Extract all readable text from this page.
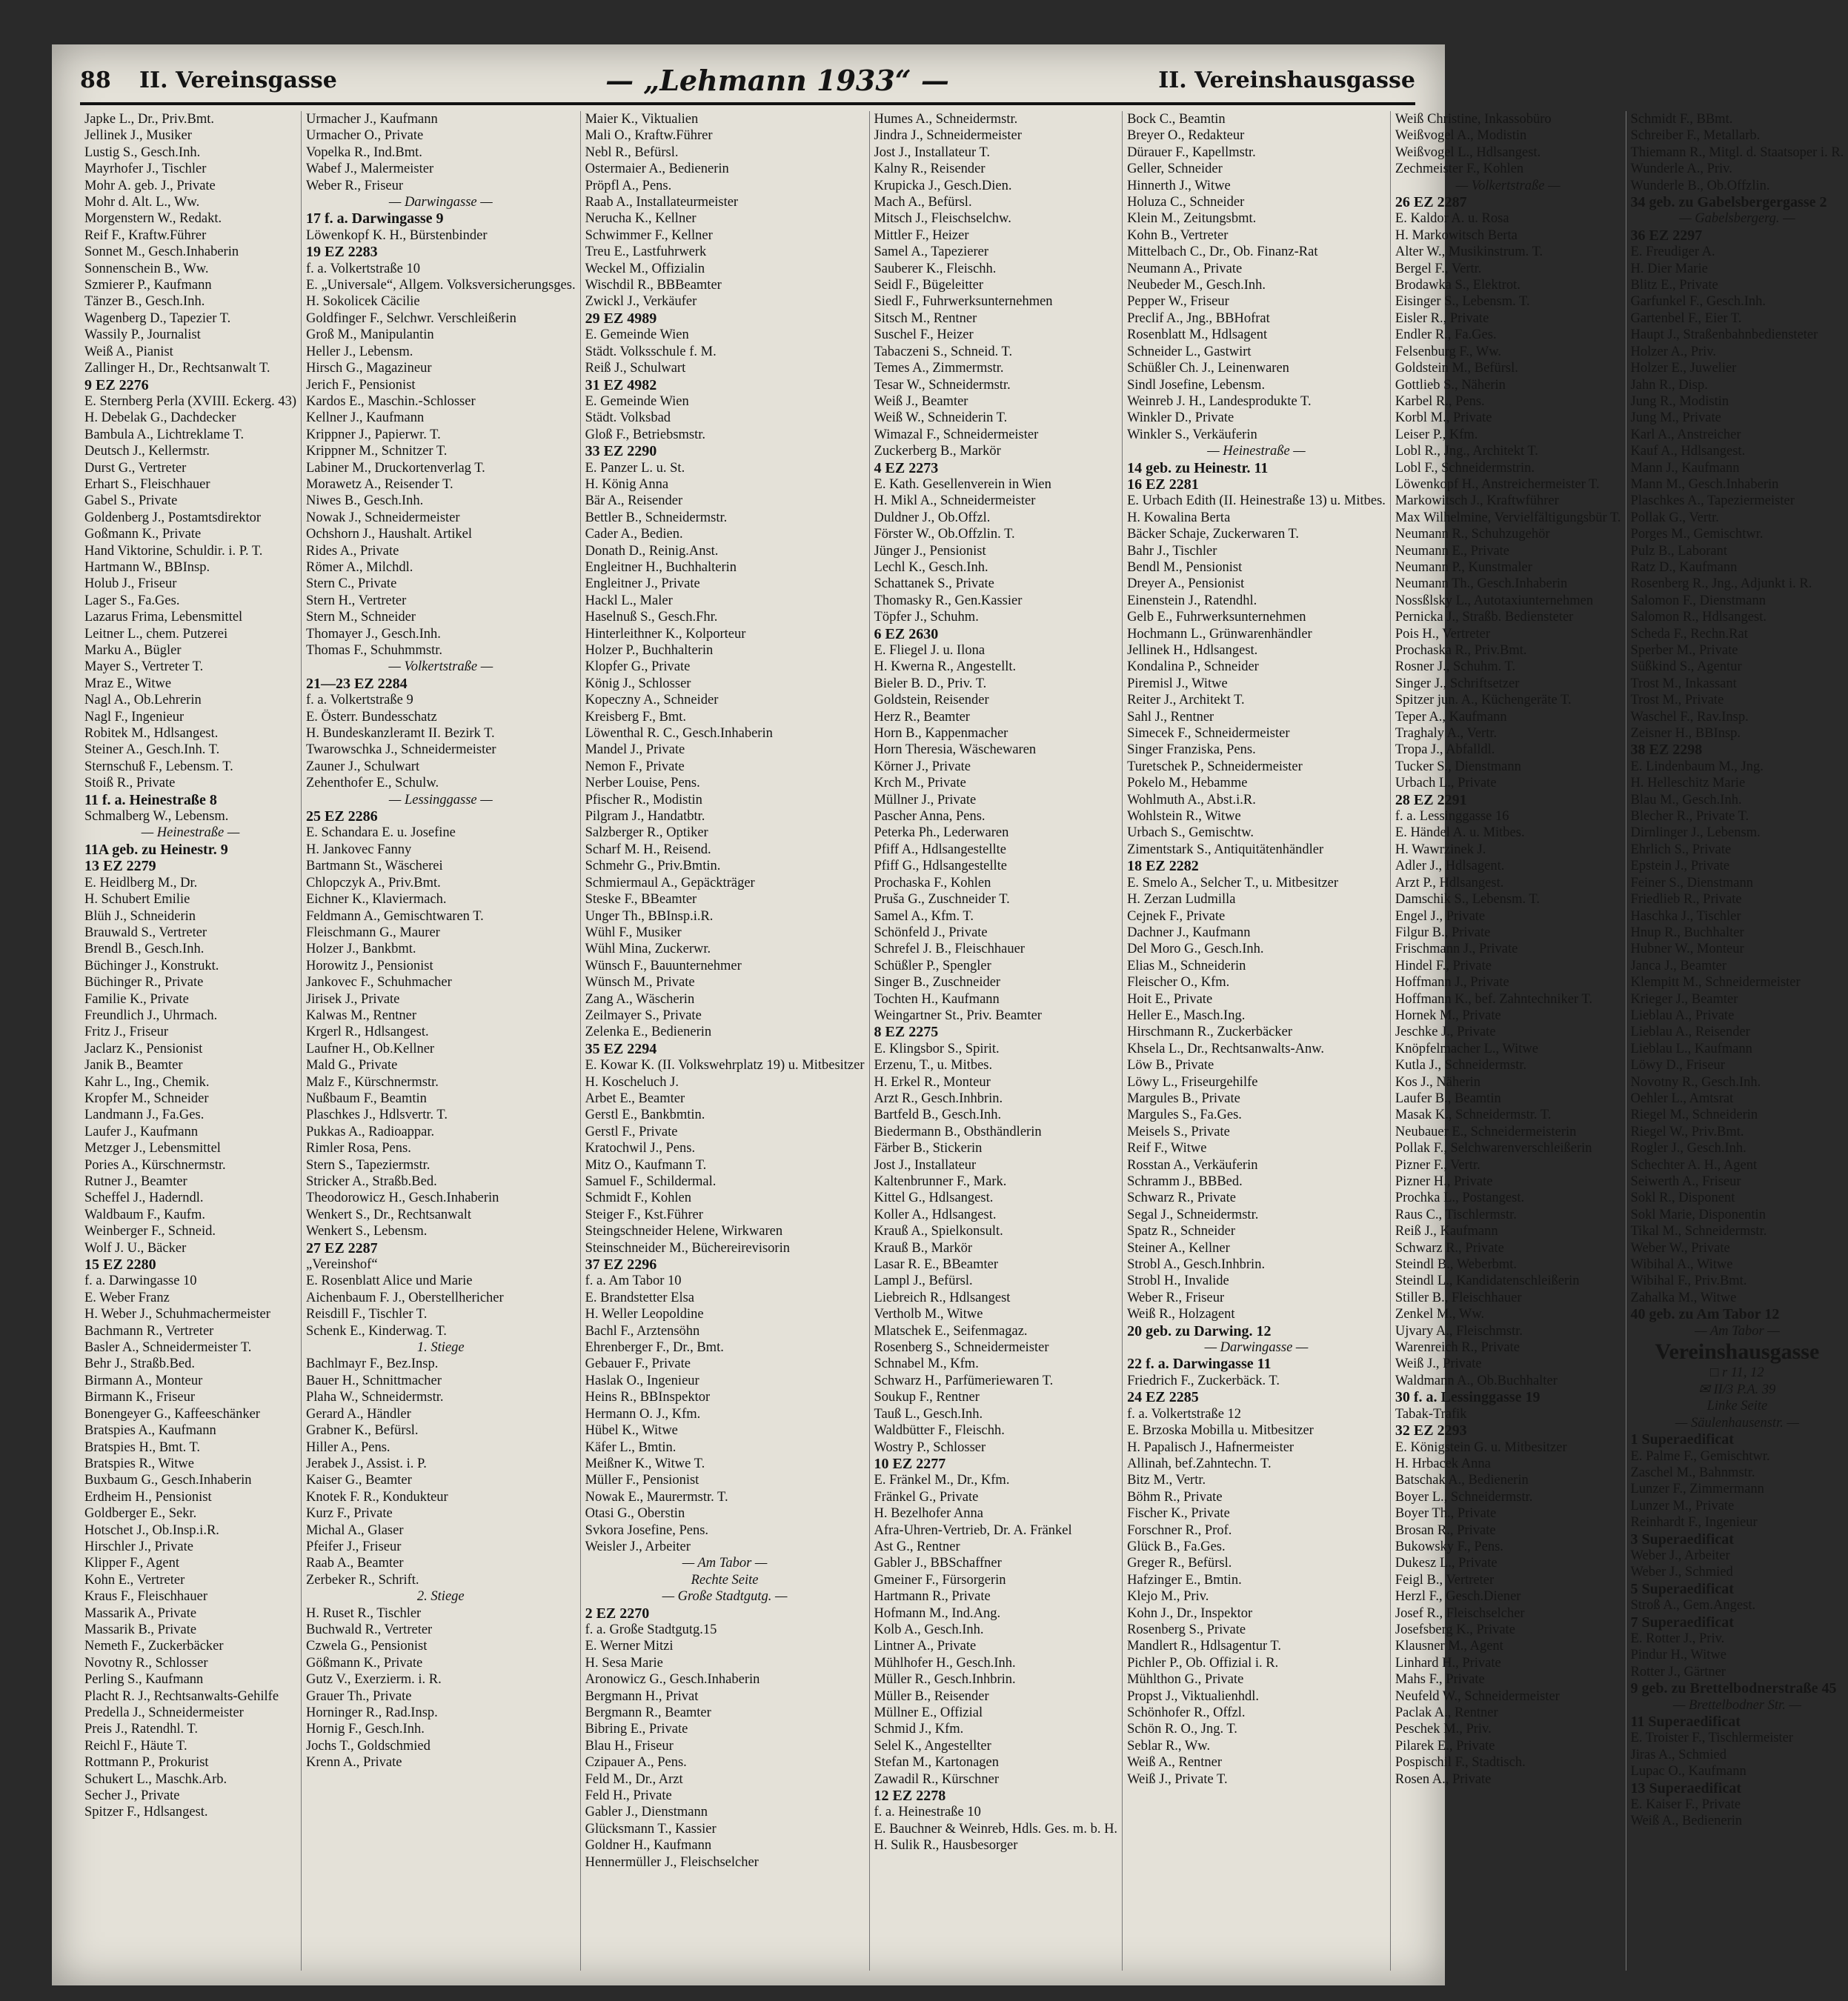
88	II. Vereinsgasse	— „Lehmann 1933“ —	II. Vereinshausgasse
Japke L., Dr., Priv.Bmt.
Jellinek J., Musiker
Lustig S., Gesch.Inh.
Mayrhofer J., Tischler
Mohr A. geb. J., Private
Mohr d. Alt. L., Ww.
Morgenstern W., Redakt.
Reif F., Kraftw.Führer
Sonnet M., Gesch.Inhaberin
Sonnenschein B., Ww.
Szmierer P., Kaufmann
Tänzer B., Gesch.Inh.
Wagenberg D., Tapezier T.
Wassily P., Journalist
Weiß A., Pianist
Zallinger H., Dr., Rechtsanwalt T.
9 EZ 2276
E. Sternberg Perla (XVIII. Eckerg. 43)
H. Debelak G., Dachdecker
Bambula A., Lichtreklame T.
Deutsch J., Kellermstr.
Durst G., Vertreter
Erhart S., Fleischhauer
Gabel S., Private
Goldenberg J., Postamtsdirektor
Goßmann K., Private
Hand Viktorine, Schuldir. i. P. T.
Hartmann W., BBInsp.
Holub J., Friseur
Lager S., Fa.Ges.
Lazarus Frima, Lebensmittel
Leitner L., chem. Putzerei
Marku A., Bügler
Mayer S., Vertreter T.
Mraz E., Witwe
Nagl A., Ob.Lehrerin
Nagl F., Ingenieur
Robitek M., Hdlsangest.
Steiner A., Gesch.Inh. T.
Sternschuß F., Lebensm. T.
Stoiß R., Private
11 f. a. Heinestraße 8
Schmalberg W., Lebensm.
— Heinestraße —
11A geb. zu Heinestr. 9
13 EZ 2279
E. Heidlberg M., Dr.
H. Schubert Emilie
Blüh J., Schneiderin
Brauwald S., Vertreter
Brendl B., Gesch.Inh.
Büchinger J., Konstrukt.
Büchinger R., Private
Familie K., Private
Freundlich J., Uhrmach.
Fritz J., Friseur
Jaclarz K., Pensionist
Janik B., Beamter
Kahr L., Ing., Chemik.
Kropfer M., Schneider
Landmann J., Fa.Ges.
Laufer J., Kaufmann
Metzger J., Lebensmittel
Pories A., Kürschnermstr.
Rutner J., Beamter
Scheffel J., Haderndl.
Waldbaum F., Kaufm.
Weinberger F., Schneid.
Wolf J. U., Bäcker
15 EZ 2280
f. a. Darwingasse 10
E. Weber Franz
H. Weber J., Schuhmachermeister
Bachmann R., Vertreter
Basler A., Schneidermeister T.
Behr J., Straßb.Bed.
Birmann A., Monteur
Birmann K., Friseur
Bonengeyer G., Kaffeeschänker
Bratspies A., Kaufmann
Bratspies H., Bmt. T.
Bratspies R., Witwe
Buxbaum G., Gesch.Inhaberin
Erdheim H., Pensionist
Goldberger E., Sekr.
Hotschet J., Ob.Insp.i.R.
Hirschler J., Private
Klipper F., Agent
Kohn E., Vertreter
Kraus F., Fleischhauer
Massarik A., Private
Massarik B., Private
Nemeth F., Zuckerbäcker
Novotny R., Schlosser
Perling S., Kaufmann
Placht R. J., Rechtsanwalts-Gehilfe
Predella J., Schneidermeister
Preis J., Ratendhl. T.
Reichl F., Häute T.
Rottmann P., Prokurist
Schukert L., Maschk.Arb.
Secher J., Private
Spitzer F., Hdlsangest.
Urmacher J., Kaufmann
Urmacher O., Private
Vopelka R., Ind.Bmt.
Wabef J., Malermeister
Weber R., Friseur
— Darwingasse —
17 f. a. Darwingasse 9
Löwenkopf K. H., Bürstenbinder
19 EZ 2283
f. a. Volkertstraße 10
E. „Universale“, Allgem. Volksversicherungsges.
H. Sokolicek Cäcilie
Goldfinger F., Selchwr. Verschleißerin
Groß M., Manipulantin
Heller J., Lebensm.
Hirsch G., Magazineur
Jerich F., Pensionist
Kardos E., Maschin.-Schlosser
Kellner J., Kaufmann
Krippner J., Papierwr. T.
Krippner M., Schnitzer T.
Labiner M., Druckortenverlag T.
Morawetz A., Reisender T.
Niwes B., Gesch.Inh.
Nowak J., Schneidermeister
Ochshorn J., Haushalt. Artikel
Rides A., Private
Römer A., Milchdl.
Stern C., Private
Stern H., Vertreter
Stern M., Schneider
Thomayer J., Gesch.Inh.
Thomas F., Schuhmmstr.
— Volkertstraße —
21—23 EZ 2284
f. a. Volkertstraße 9
E. Österr. Bundesschatz
H. Bundeskanzleramt II. Bezirk T.
Twarowschka J., Schneidermeister
Zauner J., Schulwart
Zehenthofer E., Schulw.
— Lessinggasse —
25 EZ 2286
E. Schandara E. u. Josefine
H. Jankovec Fanny
Bartmann St., Wäscherei
Chlopczyk A., Priv.Bmt.
Eichner K., Klaviermach.
Feldmann A., Gemischtwaren T.
Fleischmann G., Maurer
Holzer J., Bankbmt.
Horowitz J., Pensionist
Jankovec F., Schuhmacher
Jirisek J., Private
Kalwas M., Rentner
Krgerl R., Hdlsangest.
Laufner H., Ob.Kellner
Mald G., Private
Malz F., Kürschnermstr.
Nußbaum F., Beamtin
Plaschkes J., Hdlsvertr. T.
Pukkas A., Radioappar.
Rimler Rosa, Pens.
Stern S., Tapeziermstr.
Stricker A., Straßb.Bed.
Theodorowicz H., Gesch.Inhaberin
Wenkert S., Dr., Rechtsanwalt
Wenkert S., Lebensm.
27 EZ 2287
„Vereinshof“
E. Rosenblatt Alice und Marie
Aichenbaum F. J., Oberstellhericher
Reisdill F., Tischler T.
Schenk E., Kinderwag. T.
1. Stiege
Bachlmayr F., Bez.Insp.
Bauer H., Schnittmacher
Plaha W., Schneidermstr.
Gerard A., Händler
Grabner K., Befürsl.
Hiller A., Pens.
Jerabek J., Assist. i. P.
Kaiser G., Beamter
Knotek F. R., Kondukteur
Kurz F., Private
Michal A., Glaser
Pfeifer J., Friseur
Raab A., Beamter
Zerbeker R., Schrift.
2. Stiege
H. Ruset R., Tischler
Buchwald R., Vertreter
Czwela G., Pensionist
Gößmann K., Private
Gutz V., Exerzierm. i. R.
Grauer Th., Private
Horninger R., Rad.Insp.
Hornig F., Gesch.Inh.
Jochs T., Goldschmied
Krenn A., Private
Maier K., Viktualien
Mali O., Kraftw.Führer
Nebl R., Befürsl.
Ostermaier A., Bedienerin
Pröpfl A., Pens.
Raab A., Installateurmeister
Nerucha K., Kellner
Schwimmer F., Kellner
Treu E., Lastfuhrwerk
Weckel M., Offizialin
Wischdil R., BBBeamter
Zwickl J., Verkäufer
29 EZ 4989
E. Gemeinde Wien
Städt. Volksschule f. M.
Reiß J., Schulwart
31 EZ 4982
E. Gemeinde Wien
Städt. Volksbad
Gloß F., Betriebsmstr.
33 EZ 2290
E. Panzer L. u. St.
H. König Anna
Bär A., Reisender
Bettler B., Schneidermstr.
Cader A., Bedien.
Donath D., Reinig.Anst.
Engleitner H., Buchhalterin
Engleitner J., Private
Hackl L., Maler
Haselnuß S., Gesch.Fhr.
Hinterleithner K., Kolporteur
Holzer P., Buchhalterin
Klopfer G., Private
König J., Schlosser
Kopeczny A., Schneider
Kreisberg F., Bmt.
Löwenthal R. C., Gesch.Inhaberin
Mandel J., Private
Nemon F., Private
Nerber Louise, Pens.
Pfischer R., Modistin
Pilgram J., Handatbtr.
Salzberger R., Optiker
Scharf M. H., Reisend.
Schmehr G., Priv.Bmtin.
Schmiermaul A., Gepäckträger
Steske F., BBeamter
Unger Th., BBInsp.i.R.
Wühl F., Musiker
Wühl Mina, Zuckerwr.
Wünsch F., Bauunternehmer
Wünsch M., Private
Zang A., Wäscherin
Zeilmayer S., Private
Zelenka E., Bedienerin
35 EZ 2294
E. Kowar K. (II. Volkswehrplatz 19) u. Mitbesitzer
H. Koscheluch J.
Arbet E., Beamter
Gerstl E., Bankbmtin.
Gerstl F., Private
Kratochwil J., Pens.
Mitz O., Kaufmann T.
Samuel F., Schildermal.
Schmidt F., Kohlen
Steiger F., Kst.Führer
Steingschneider Helene, Wirkwaren
Steinschneider M., Büchereirevisorin
37 EZ 2296
f. a. Am Tabor 10
E. Brandstetter Elsa
H. Weller Leopoldine
Bachl F., Arztensöhn
Ehrenberger F., Dr., Bmt.
Gebauer F., Private
Haslak O., Ingenieur
Heins R., BBInspektor
Hermann O. J., Kfm.
Hübel K., Witwe
Käfer L., Bmtin.
Meißner K., Witwe T.
Müller F., Pensionist
Nowak E., Maurermstr. T.
Otasi G., Oberstin
Svkora Josefine, Pens.
Weisler J., Arbeiter
— Am Tabor —
Rechte Seite
— Große Stadtgutg. —
2 EZ 2270
f. a. Große Stadtgutg.15
E. Werner Mitzi
H. Sesa Marie
Aronowicz G., Gesch.Inhaberin
Bergmann H., Privat
Bergmann R., Beamter
Bibring E., Private
Blau H., Friseur
Czipauer A., Pens.
Feld M., Dr., Arzt
Feld H., Private
Gabler J., Dienstmann
Glücksmann T., Kassier
Goldner H., Kaufmann
Hennermüller J., Fleischselcher
Humes A., Schneidermstr.
Jindra J., Schneidermeister
Jost J., Installateur T.
Kalny R., Reisender
Krupicka J., Gesch.Dien.
Mach A., Befürsl.
Mitsch J., Fleischselchw.
Mittler F., Heizer
Samel A., Tapezierer
Sauberer K., Fleischh.
Seidl F., Bügeleitter
Siedl F., Fuhrwerksunternehmen
Sitsch M., Rentner
Suschel F., Heizer
Tabaczeni S., Schneid. T.
Temes A., Zimmermstr.
Tesar W., Schneidermstr.
Weiß J., Beamter
Weiß W., Schneiderin T.
Wimazal F., Schneidermeister
Zuckerberg B., Markör
4 EZ 2273
E. Kath. Gesellenverein in Wien
H. Mikl A., Schneidermeister
Duldner J., Ob.Offzl.
Förster W., Ob.Offzlin. T.
Jünger J., Pensionist
Lechl K., Gesch.Inh.
Schattanek S., Private
Thomasky R., Gen.Kassier
Töpfer J., Schuhm.
6 EZ 2630
E. Fliegel J. u. Ilona
H. Kwerna R., Angestellt.
Bieler B. D., Priv. T.
Goldstein, Reisender
Herz R., Beamter
Horn B., Kappenmacher
Horn Theresia, Wäschewaren
Körner J., Private
Krch M., Private
Müllner J., Private
Pascher Anna, Pens.
Peterka Ph., Lederwaren
Pfiff A., Hdlsangestellte
Pfiff G., Hdlsangestellte
Prochaska F., Kohlen
Pruša G., Zuschneider T.
Samel A., Kfm. T.
Schönfeld J., Private
Schrefel J. B., Fleischhauer
Schüßler P., Spengler
Singer B., Zuschneider
Tochten H., Kaufmann
Weingartner St., Priv. Beamter
8 EZ 2275
E. Klingsbor S., Spirit.
Erzenu, T., u. Mitbes.
H. Erkel R., Monteur
Arzt R., Gesch.Inhbrin.
Bartfeld B., Gesch.Inh.
Biedermann B., Obsthändlerin
Färber B., Stickerin
Jost J., Installateur
Kaltenbrunner F., Mark.
Kittel G., Hdlsangest.
Koller A., Hdlsangest.
Krauß A., Spielkonsult.
Krauß B., Markör
Lasar R. E., BBeamter
Lampl J., Befürsl.
Liebreich R., Hdlsangest
Vertholb M., Witwe
Mlatschek E., Seifenmagaz.
Rosenberg S., Schneidermeister
Schnabel M., Kfm.
Schwarz H., Parfümeriewaren T.
Soukup F., Rentner
Tauß L., Gesch.Inh.
Waldbütter F., Fleischh.
Wostry P., Schlosser
10 EZ 2277
E. Fränkel M., Dr., Kfm.
Fränkel G., Private
H. Bezelhofer Anna
Afra-Uhren-Vertrieb, Dr. A. Fränkel
Ast G., Rentner
Gabler J., BBSchaffner
Gmeiner F., Fürsorgerin
Hartmann R., Private
Hofmann M., Ind.Ang.
Kolb A., Gesch.Inh.
Lintner A., Private
Mühlhofer H., Gesch.Inh.
Müller R., Gesch.Inhbrin.
Müller B., Reisender
Müllner E., Offizial
Schmid J., Kfm.
Selel K., Angestellter
Stefan M., Kartonagen
Zawadil R., Kürschner
12 EZ 2278
f. a. Heinestraße 10
E. Bauchner & Weinreb, Hdls. Ges. m. b. H.
H. Sulik R., Hausbesorger
Bock C., Beamtin
Breyer O., Redakteur
Dürauer F., Kapellmstr.
Geller, Schneider
Hinnerth J., Witwe
Holuza C., Schneider
Klein M., Zeitungsbmt.
Kohn B., Vertreter
Mittelbach C., Dr., Ob. Finanz-Rat
Neumann A., Private
Neubeder M., Gesch.Inh.
Pepper W., Friseur
Preclif A., Jng., BBHofrat
Rosenblatt M., Hdlsagent
Schneider L., Gastwirt
Schüßler Ch. J., Leinenwaren
Sindl Josefine, Lebensm.
Weinreb J. H., Landesprodukte T.
Winkler D., Private
Winkler S., Verkäuferin
— Heinestraße —
14 geb. zu Heinestr. 11
16 EZ 2281
E. Urbach Edith (II. Heinestraße 13) u. Mitbes.
H. Kowalina Berta
Bäcker Schaje, Zuckerwaren T.
Bahr J., Tischler
Bendl M., Pensionist
Dreyer A., Pensionist
Einenstein J., Ratendhl.
Gelb E., Fuhrwerksunternehmen
Hochmann L., Grünwarenhändler
Jellinek H., Hdlsangest.
Kondalina P., Schneider
Piremisl J., Witwe
Reiter J., Architekt T.
Sahl J., Rentner
Simecek F., Schneidermeister
Singer Franziska, Pens.
Turetschek P., Schneidermeister
Pokelo M., Hebamme
Wohlmuth A., Abst.i.R.
Wohlstein R., Witwe
Urbach S., Gemischtw.
Zimentstark S., Antiquitätenhändler
18 EZ 2282
E. Smelo A., Selcher T., u. Mitbesitzer
H. Zerzan Ludmilla
Cejnek F., Private
Dachner J., Kaufmann
Del Moro G., Gesch.Inh.
Elias M., Schneiderin
Fleischer O., Kfm.
Hoit E., Private
Heller E., Masch.Ing.
Hirschmann R., Zuckerbäcker
Khsela L., Dr., Rechtsanwalts-Anw.
Löw B., Private
Löwy L., Friseurgehilfe
Margules B., Private
Margules S., Fa.Ges.
Meisels S., Private
Reif F., Witwe
Rosstan A., Verkäuferin
Schramm J., BBBed.
Schwarz R., Private
Segal J., Schneidermstr.
Spatz R., Schneider
Steiner A., Kellner
Strobl A., Gesch.Inhbrin.
Strobl H., Invalide
Weber R., Friseur
Weiß R., Holzagent
20 geb. zu Darwing. 12
— Darwingasse —
22 f. a. Darwingasse 11
Friedrich F., Zuckerbäck. T.
24 EZ 2285
f. a. Volkertstraße 12
E. Brzoska Mobilla u. Mitbesitzer
H. Papalisch J., Hafnermeister
Allinah, bef.Zahntechn. T.
Bitz M., Vertr.
Böhm R., Private
Fischer K., Private
Forschner R., Prof.
Glück B., Fa.Ges.
Greger R., Befürsl.
Hafzinger E., Bmtin.
Klejo M., Priv.
Kohn J., Dr., Inspektor
Rosenberg S., Private
Mandlert R., Hdlsagentur T.
Pichler P., Ob. Offizial i. R.
Mühlthon G., Private
Propst J., Viktualienhdl.
Schönhofer R., Offzl.
Schön R. O., Jng. T.
Seblar R., Ww.
Weiß A., Rentner
Weiß J., Private T.
Weiß Christine, Inkassobüro
Weißvogel A., Modistin
Weißvogel L., Hdlsangest.
Zechmeister F., Kohlen
— Volkertstraße —
26 EZ 2287
E. Kaldor A. u. Rosa
H. Markowitsch Berta
Alter W., Musikinstrum. T.
Bergel F., Vertr.
Brodawka S., Elektrot.
Eisinger S., Lebensm. T.
Eisler R., Private
Endler R., Fa.Ges.
Felsenburg F., Ww.
Goldstein M., Befürsl.
Gottlieb S., Näherin
Karbel R., Pens.
Korbl M., Private
Leiser P., Kfm.
Lobl R., Jng., Architekt T.
Lobl F., Schneidermstrin.
Löwenkopf H., Anstreichermeister T.
Markowitsch J., Kraftwführer
Max Wilhelmine, Vervielfältigungsbür T.
Neumann R., Schuhzugehör
Neumann E., Private
Neumann P., Kunstmaler
Neumann Th., Gesch.Inhaberin
Nossßlsky L., Autotaxiunternehmen
Pernicka J., Straßb. Bediensteter
Pois H., Vertreter
Prochaska R., Priv.Bmt.
Rosner J., Schuhm. T.
Singer J., Schriftsetzer
Spitzer jun. A., Küchengeräte T.
Teper A., Kaufmann
Traghaly A., Vertr.
Tropa J., Abfalldl.
Tucker S., Dienstmann
Urbach L., Private
28 EZ 2291
f. a. Lessinggasse 16
E. Händel A. u. Mitbes.
H. Wawrzinek J.
Adler J., Hdlsagent.
Arzt P., Hdlsangest.
Damschik S., Lebensm. T.
Engel J., Private
Filgur B., Private
Frischmann J., Private
Hindel F., Private
Hoffmann J., Private
Hoffmann K., bef. Zahntechniker T.
Hornek M., Private
Jeschke J., Private
Knöpfelmacher L., Witwe
Kutla J., Schneidermstr.
Kos J., Näherin
Laufer B., Beamtin
Masak K., Schneidermstr. T.
Neubauer E., Schneidermeisterin
Pollak F., Selchwarenverschleißerin
Pizner F., Vertr.
Pizner H., Private
Prochka L., Postangest.
Raus C., Tischlermstr.
Reiß J., Kaufmann
Schwarz R., Private
Steindl B., Weberbmt.
Steindl L., Kandidatenschleißerin
Stiller B., Fleischhauer
Zenkel M., Ww.
Ujvary A., Fleischmstr.
Warenreich R., Private
Weiß J., Private
Waldmann A., Ob.Buchhalter
30 f. a. Lessinggasse 19
Tabak-Trafik
32 EZ 2293
E. Königstein G. u. Mitbesitzer
H. Hrbacek Anna
Batschak A., Bedienerin
Boyer L., Schneidermstr.
Boyer Th., Private
Brosan R., Private
Bukowsky F., Pens.
Dukesz L., Private
Feigl B., Vertreter
Herzl F., Gesch.Diener
Josef R., Fleischselcher
Josefsberg K., Private
Klausner M., Agent
Linhard H., Private
Mahs F., Private
Neufeld W., Schneidermeister
Paclak A., Rentner
Peschek M., Priv.
Pilarek E., Private
Pospischil F., Stadtisch.
Rosen A., Private
Schmidt F., BBmt.
Schreiber F., Metallarb.
Thiemann R., Mitgl. d. Staatsoper i. R.
Wunderle A., Priv.
Wunderle B., Ob.Offzlin.
34 geb. zu Gabelsbergergasse 2
— Gabelsbergerg. —
36 EZ 2297
E. Freudiger A.
H. Dier Marie
Blitz E., Private
Garfunkel F., Gesch.Inh.
Gartenbel F., Eier T.
Haupt J., Straßenbahnbediensteter
Holzer A., Priv.
Holzer E., Juwelier
Jahn R., Disp.
Jung R., Modistin
Jung M., Private
Karl A., Anstreicher
Kauf A., Hdlsangest.
Mann J., Kaufmann
Mann M., Gesch.Inhaberin
Plaschkes A., Tapeziermeister
Pollak G., Vertr.
Porges M., Gemischtwr.
Pulz B., Laborant
Ratz D., Kaufmann
Rosenberg R., Jng., Adjunkt i. R.
Salomon F., Dienstmann
Salomon R., Hdlsangest.
Scheda F., Rechn.Rat
Sperber M., Private
Süßkind S., Agentur
Trost M., Inkassant
Trost M., Private
Waschel F., Rav.Insp.
Zeisner H., BBInsp.
38 EZ 2298
E. Lindenbaum M., Jng.
H. Helleschitz Marie
Blau M., Gesch.Inh.
Blecher R., Private T.
Dirnlinger J., Lebensm.
Ehrlich S., Private
Epstein J., Private
Feiner S., Dienstmann
Friedlieb R., Private
Haschka J., Tischler
Hnup R., Buchhalter
Hubner W., Monteur
Janca J., Beamter
Klempitt M., Schneidermeister
Krieger J., Beamter
Lieblau A., Private
Lieblau A., Reisender
Lieblau L., Kaufmann
Löwy D., Friseur
Novotny R., Gesch.Inh.
Oehler L., Amtsrat
Riegel M., Schneiderin
Riegel W., Priv.Bmt.
Rogler J., Gesch.Inh.
Schechter A. H., Agent
Seiwerth A., Friseur
Sokl R., Disponent
Sokl Marie, Disponentin
Tikal M., Schneidermstr.
Weber W., Private
Wibihal A., Witwe
Wibihal F., Priv.Bmt.
Zahalka M., Witwe
40 geb. zu Am Tabor 12
— Am Tabor —
Vereinshausgasse
□ r 11, 12
✉ II/3 P.A. 39
Linke Seite
— Säulenhausenstr. —
1 Superaedificat
E. Palme F., Gemischtwr.
Zaschel M., Bahnmstr.
Lunzer F., Zimmermann
Lunzer M., Private
Reinhardt F., Ingenieur
3 Superaedificat
Weber J., Arbeiter
Weber J., Schmied
5 Superaedificat
Stroß A., Gem.Angest.
7 Superaedificat
E. Rotter J., Priv.
Pindur H., Witwe
Rotter J., Gärtner
9 geb. zu Brettelbodnerstraße 45
— Brettelbodner Str. —
11 Superaedificat
E. Troister F., Tischlermeister
Jiras A., Schmied
Lupac O., Kaufmann
13 Superaedificat
E. Kaiser F., Private
Weiß A., Bedienerin
